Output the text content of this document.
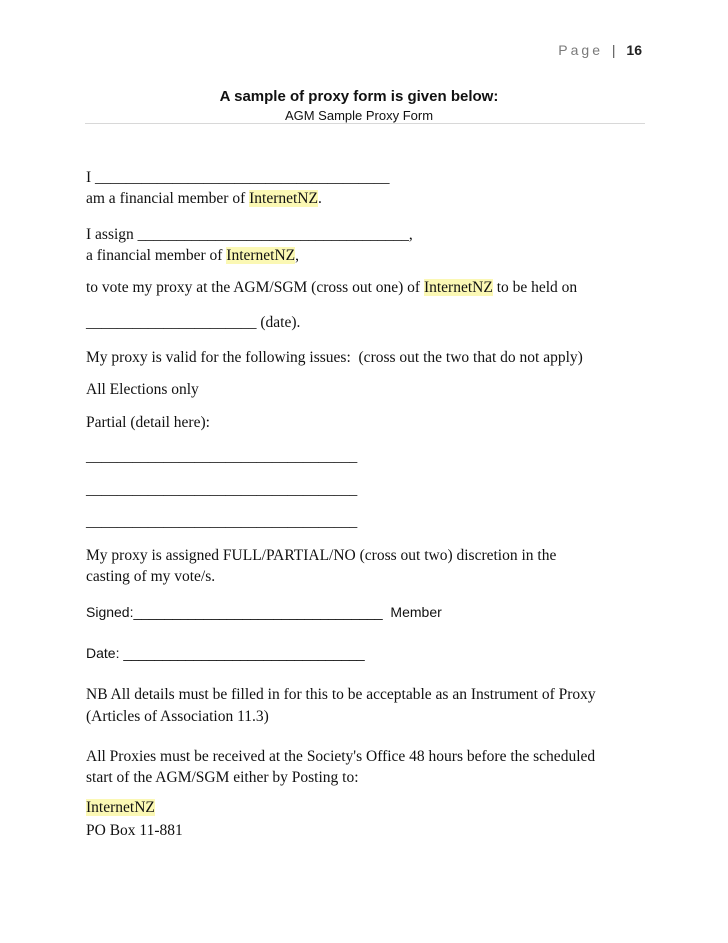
Page | 16
A sample of proxy form is given below:
AGM Sample Proxy Form
I ______________________________________
am a financial member of InternetNZ.
I assign ___________________________________,
a financial member of InternetNZ,
to vote my proxy at the AGM/SGM (cross out one) of InternetNZ to be held on
______________________ (date).
My proxy is valid for the following issues:  (cross out the two that do not apply)
All Elections only
Partial (detail here):
___________________________________
___________________________________
___________________________________
My proxy is assigned FULL/PARTIAL/NO (cross out two) discretion in the
casting of my vote/s.
Signed:________________________________  Member
Date: _______________________________
NB All details must be filled in for this to be acceptable as an Instrument of Proxy
(Articles of Association 11.3)
All Proxies must be received at the Society's Office 48 hours before the scheduled
start of the AGM/SGM either by Posting to:
InternetNZ
PO Box 11-881
